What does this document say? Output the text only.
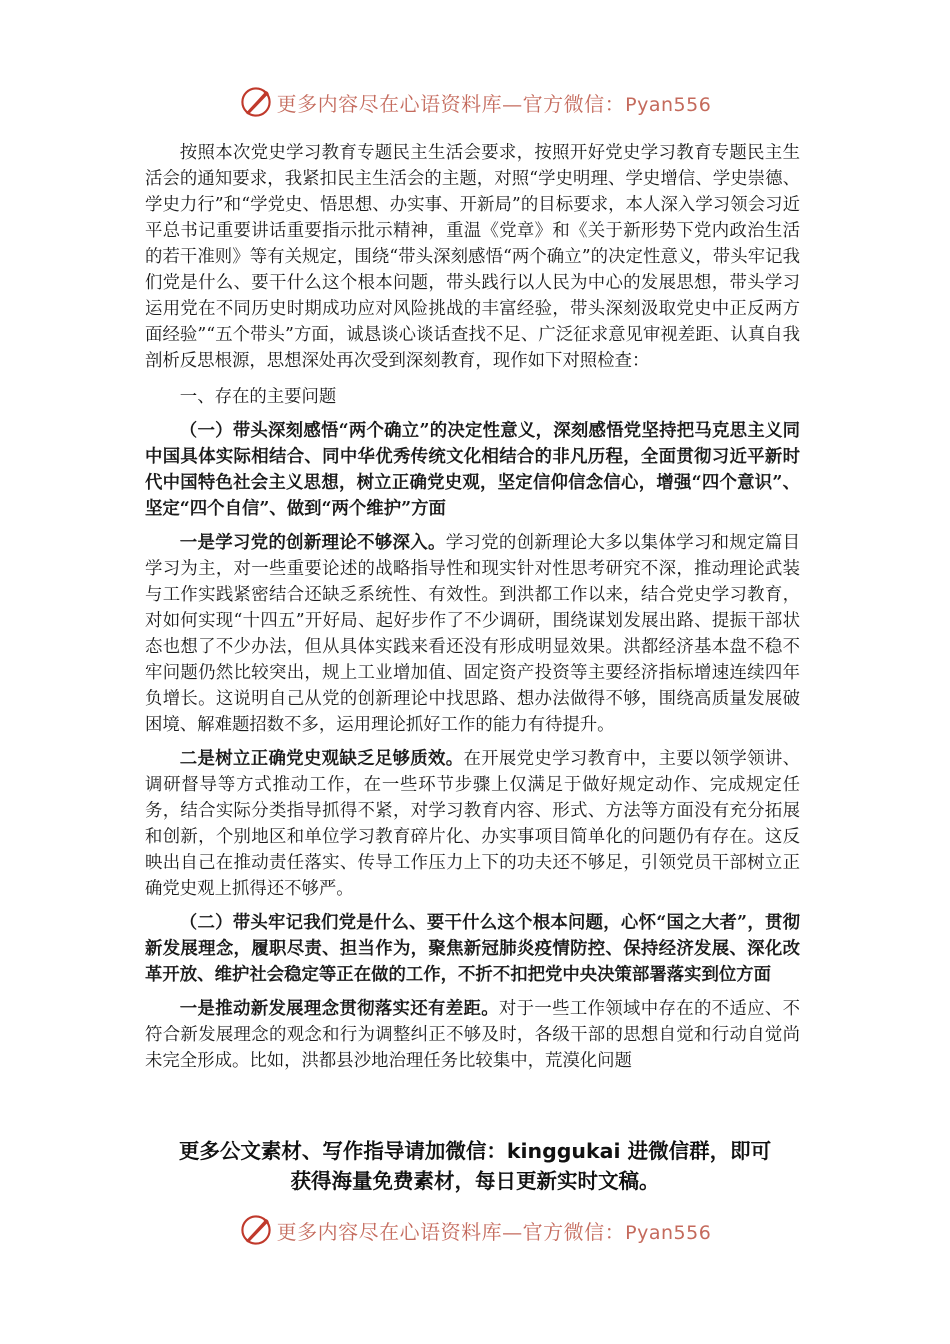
更多内容尽在心语资料库—官方微信：Pyan556

按照本次党史学习教育专题民主生活会要求，按照开好党史学习教育专题民主生活会的通知要求，我紧扣民主生活会的主题，对照“学史明理、学史增信、学史崇德、学史力行”和“学党史、悟思想、办实事、开新局”的目标要求，本人深入学习领会习近平总书记重要讲话重要指示批示精神，重温《党章》和《关于新形势下党内政治生活的若干准则》等有关规定，围绕“带头深刻感悟“两个确立”的决定性意义，带头牢记我们党是什么、要干什么这个根本问题，带头践行以人民为中心的发展思想，带头学习运用党在不同历史时期成功应对风险挑战的丰富经验，带头深刻汲取党史中正反两方面经验”“五个带头”方面，诚恳谈心谈话查找不足、广泛征求意见审视差距、认真自我剖析反思根源，思想深处再次受到深刻教育，现作如下对照检查：

一、存在的主要问题

（一）带头深刻感悟“两个确立”的决定性意义，深刻感悟党坚持把马克思主义同中国具体实际相结合、同中华优秀传统文化相结合的非凡历程，全面贯彻习近平新时代中国特色社会主义思想，树立正确党史观，坚定信仰信念信心，增强“四个意识”、坚定“四个自信”、做到“两个维护”方面

一是学习党的创新理论不够深入。学习党的创新理论大多以集体学习和规定篇目 学习为主，对一些重要论述的战略指导性和现实针对性思考研究不深，推动理论武装与工作实践紧密结合还缺乏系统性、有效性。到洪都工作以来，结合党史学习教育，对如何实现“十四五”开好局、起好步作了不少调研，围绕谋划发展出路、提振干部状态也想了不少办法，但从具体实践来看还没有形成明显效果。洪都经济基本盘不稳不牢问题仍然比较突出，规上工业增加值、固定资产投资等主要经济指标增速连续四年负增长。这说明自己从党的创新理论中找思路、想办法做得不够，围绕高质量发展破困境、解难题招数不多，运用理论抓好工作的能力有待提升。

二是树立正确党史观缺乏足够质效。在开展党史学习教育中，主要以领学领讲、调研督导等方式推动工作，在一些环节步骤上仅满足于做好规定动作、完成规定任务，结合实际分类指导抓得不紧，对学习教育内容、形式、方法等方面没有充分拓展和创新，个别地区和单位学习教育碎片化、办实事项目简单化的问题仍有存在。这反映出自己在推动责任落实、传导工作压力上下的功夫还不够足，引领党员干部树立正确党史观上抓得还不够严。

（二）带头牢记我们党是什么、要干什么这个根本问题，心怀“国之大者”，贯彻新发展理念，履职尽责、担当作为，聚焦新冠肺炎疫情防控、保持经济发展、深化改革开放、维护社会稳定等正在做的工作，不折不扣把党中央决策部署落实到位方面

一是推动新发展理念贯彻落实还有差距。对于一些工作领域中存在的不适应、不符合新发展理念的观念和行为调整纠正不够及时，各级干部的思想自觉和行动自觉尚未完全形成。比如，洪都县沙地治理任务比较集中，荒漠化问题

更多公文素材、写作指导请加微信：kinggukai 进微信群，即可
获得海量免费素材，每日更新实时文稿。
更多内容尽在心语资料库—官方微信：Pyan556
